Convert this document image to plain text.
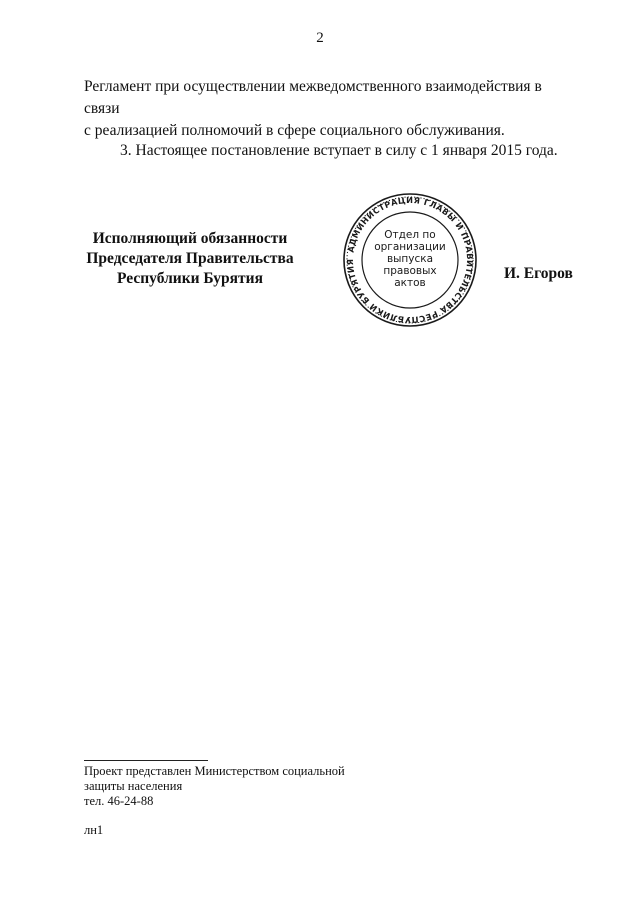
2
Регламент при осуществлении межведомственного взаимодействия в связи
с реализацией полномочий в сфере социального обслуживания.
3. Настоящее постановление вступает в силу с 1 января 2015 года.
Исполняющий обязанности
Председателя Правительства
Республики Бурятия
АДМИНИСТРАЦИЯ ГЛАВЫ И ПРАВИТЕЛЬСТВА РЕСПУБЛИКИ БУРЯТИЯ
Отдел по
организации
выпуска
правовых
актов
И. Егоров
Проект представлен Министерством социальной
защиты населения
тел. 46-24-88
лн1
